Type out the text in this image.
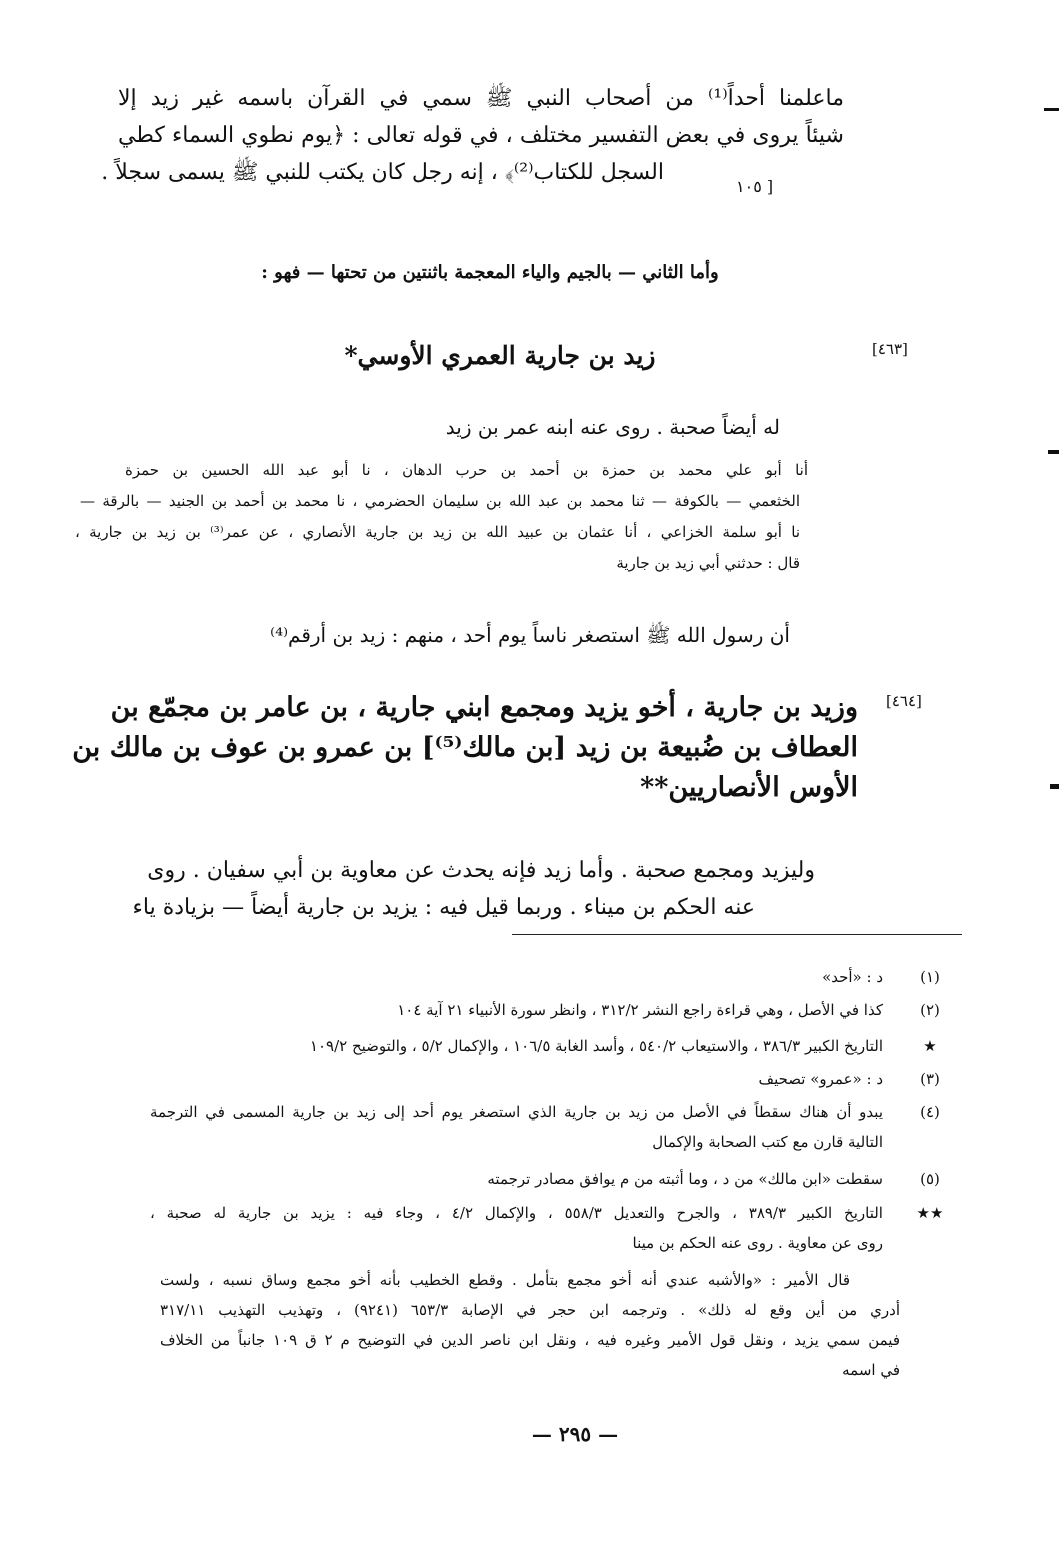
ماعلمنا أحداً⁽¹⁾ من أصحاب النبي ﷺ سمي في القرآن باسمه غير زيد إلا
شيئاً يروى في بعض التفسير مختلف ، في قوله تعالى : ﴿يوم نطوي السماء كطي
السجل للكتاب⁽²⁾﴾ ، إنه رجل كان يكتب للنبي ﷺ يسمى سجلاً .
[ ١٠٥
وأما الثاني — بالجيم والياء المعجمة باثنتين من تحتها — فهو :
[٤٦٣]
زيد بن جارية العمري الأوسي*
له أيضاً صحبة . روى عنه ابنه عمر بن زيد
أنا أبو علي محمد بن حمزة بن أحمد بن حرب الدهان ، نا أبو عبد الله الحسين بن حمزة
الخثعمي — بالكوفة — ثنا محمد بن عبد الله بن سليمان الحضرمي ، نا محمد بن أحمد بن الجنيد — بالرقة —
نا أبو سلمة الخزاعي ، أنا عثمان بن عبيد الله بن زيد بن جارية الأنصاري ، عن عمر⁽³⁾ بن زيد بن جارية ،
قال : حدثني أبي زيد بن جارية
أن رسول الله ﷺ استصغر ناساً يوم أحد ، منهم : زيد بن أرقم⁽⁴⁾
[٤٦٤]
وزيد بن جارية ، أخو يزيد ومجمع ابني جارية ، بن عامر بن مجمّع بن
العطاف بن ضُبيعة بن زيد [بن مالك⁽⁵⁾] بن عمرو بن عوف بن مالك بن
الأوس الأنصاريين**
وليزيد ومجمع صحبة . وأما زيد فإنه يحدث عن معاوية بن أبي سفيان . روى
عنه الحكم بن ميناء . وربما قيل فيه : يزيد بن جارية أيضاً — بزيادة ياء
(١)
د : «أحد»
(٢)
كذا في الأصل ، وهي قراءة راجع النشر ٣١٢/٢ ، وانظر سورة الأنبياء ٢١ آية ١٠٤
★
التاريخ الكبير ٣٨٦/٣ ، والاستيعاب ٥٤٠/٢ ، وأسد الغابة ١٠٦/٥ ، والإكمال ٥/٢ ، والتوضيح ١٠٩/٢
(٣)
د : «عمرو» تصحيف
(٤)
يبدو أن هناك سقطاً في الأصل من زيد بن جارية الذي استصغر يوم أحد إلى زيد بن جارية المسمى في الترجمة
التالية قارن مع كتب الصحابة والإكمال
(٥)
سقطت «ابن مالك» من د ، وما أثبته من م يوافق مصادر ترجمته
★★
التاريخ الكبير ٣٨٩/٣ ، والجرح والتعديل ٥٥٨/٣ ، والإكمال ٤/٢ ، وجاء فيه : يزيد بن جارية له صحبة ،
روى عن معاوية . روى عنه الحكم بن مينا
قال الأمير : «والأشبه عندي أنه أخو مجمع بتأمل . وقطع الخطيب بأنه أخو مجمع وساق نسبه ، ولست
أدري من أين وقع له ذلك» . وترجمه ابن حجر في الإصابة ٦٥٣/٣ (٩٢٤١) ، وتهذيب التهذيب ٣١٧/١١
فيمن سمي يزيد ، ونقل قول الأمير وغيره فيه ، ونقل ابن ناصر الدين في التوضيح م ٢ ق ١٠٩ جانباً من الخلاف
في اسمه
— ٢٩٥ —
